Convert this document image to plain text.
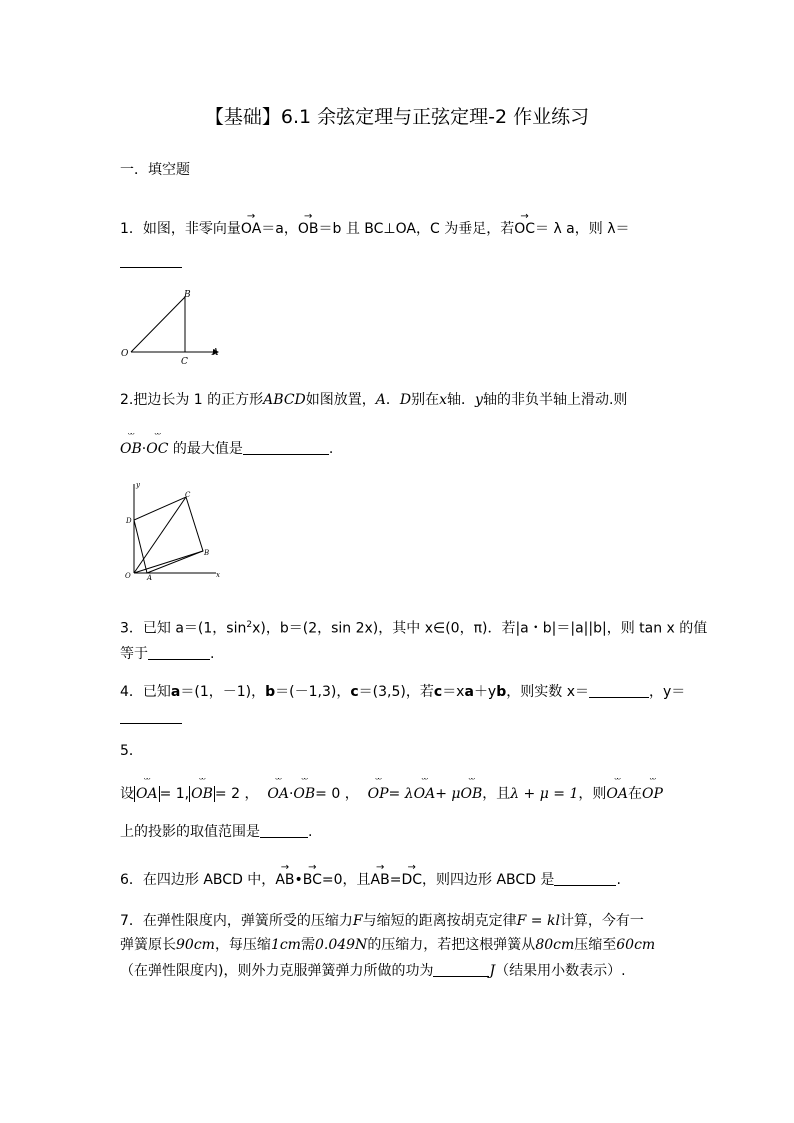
【基础】6.1 余弦定理与正弦定理-2 作业练习
一．填空题
1．如图，非零向量→ OA＝a，→ OB＝b 且 BC⊥OA，C 为垂足，若→ OC＝ λ a，则 λ＝
O	A
B
C
2.把边长为 1 的正方形ABCD如图放置，A．D别在x轴．y轴的非负半轴上滑动.则
ᵕᵕ OB·ᵕᵕ OC 的最大值是	.
O A
B
C
D
x
y
3．已知 a＝(1，$\sin^2x$)，b＝(2，sin 2x)，其中 x∈(0，π)．若|a・b|＝|a||b|，则 tan x 的值
等于	.
4．已知a＝(1，－1)，b＝(－1,3)，c＝(3,5)，若c＝xa＋yb，则实数 x＝	，y＝
5．
设 ᵕᵕ OA = 1, ᵕᵕ OB = 2 ， ᵕᵕ OA·ᵕᵕ OB= 0 ， ᵕᵕ OP= λᵕᵕ OA+ μᵕᵕ OB，且λ + μ = 1，则ᵕᵕ OA在ᵕᵕ OP
上的投影的取值范围是	.
6．在四边形 ABCD 中，→ AB•→ BC=0，且→ AB=→ DC，则四边形 ABCD 是	.
7．在弹性限度内，弹簧所受的压缩力F与缩短的距离按胡克定律F = kl计算，今有一
弹簧原长90cm，每压缩1cm需0.049N的压缩力，若把这根弹簧从80cm压缩至60cm
（在弹性限度内)，则外力克服弹簧弹力所做的功为	J（结果用小数表示）.
